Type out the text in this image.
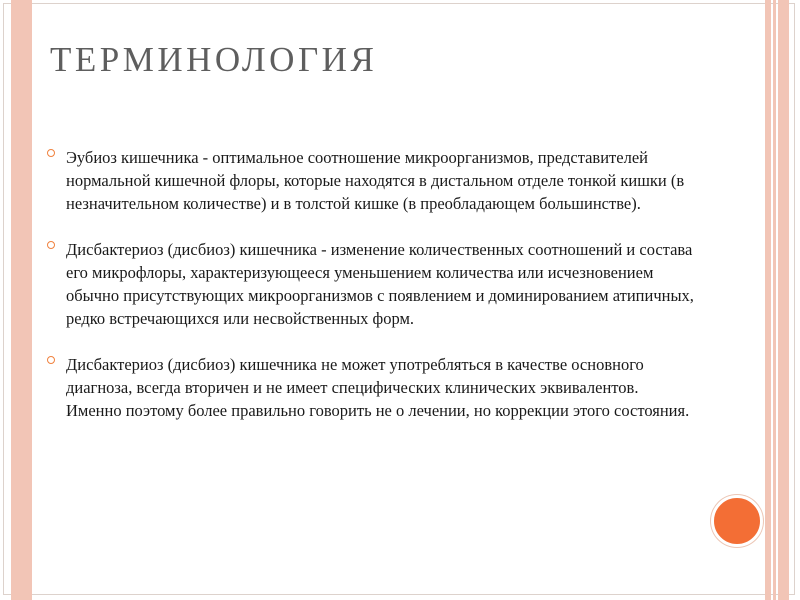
ТЕРМИНОЛОГИЯ

Эубиоз кишечника - оптимальное соотношение микроорганизмов, представителей нормальной кишечной флоры, которые находятся в дистальном отделе тонкой кишки (в незначительном количестве) и в толстой кишке (в преобладающем большинстве).

Дисбактериоз (дисбиоз) кишечника - изменение количественных соотношений и состава его микрофлоры, характеризующееся уменьшением количества или исчезновением обычно присутствующих микроорганизмов с появлением и доминированием атипичных, редко встречающихся или несвойственных форм.

Дисбактериоз (дисбиоз) кишечника не может употребляться в качестве основного диагноза, всегда вторичен и не имеет специфических клинических эквивалентов. Именно поэтому более правильно говорить не о лечении, но коррекции этого состояния.
